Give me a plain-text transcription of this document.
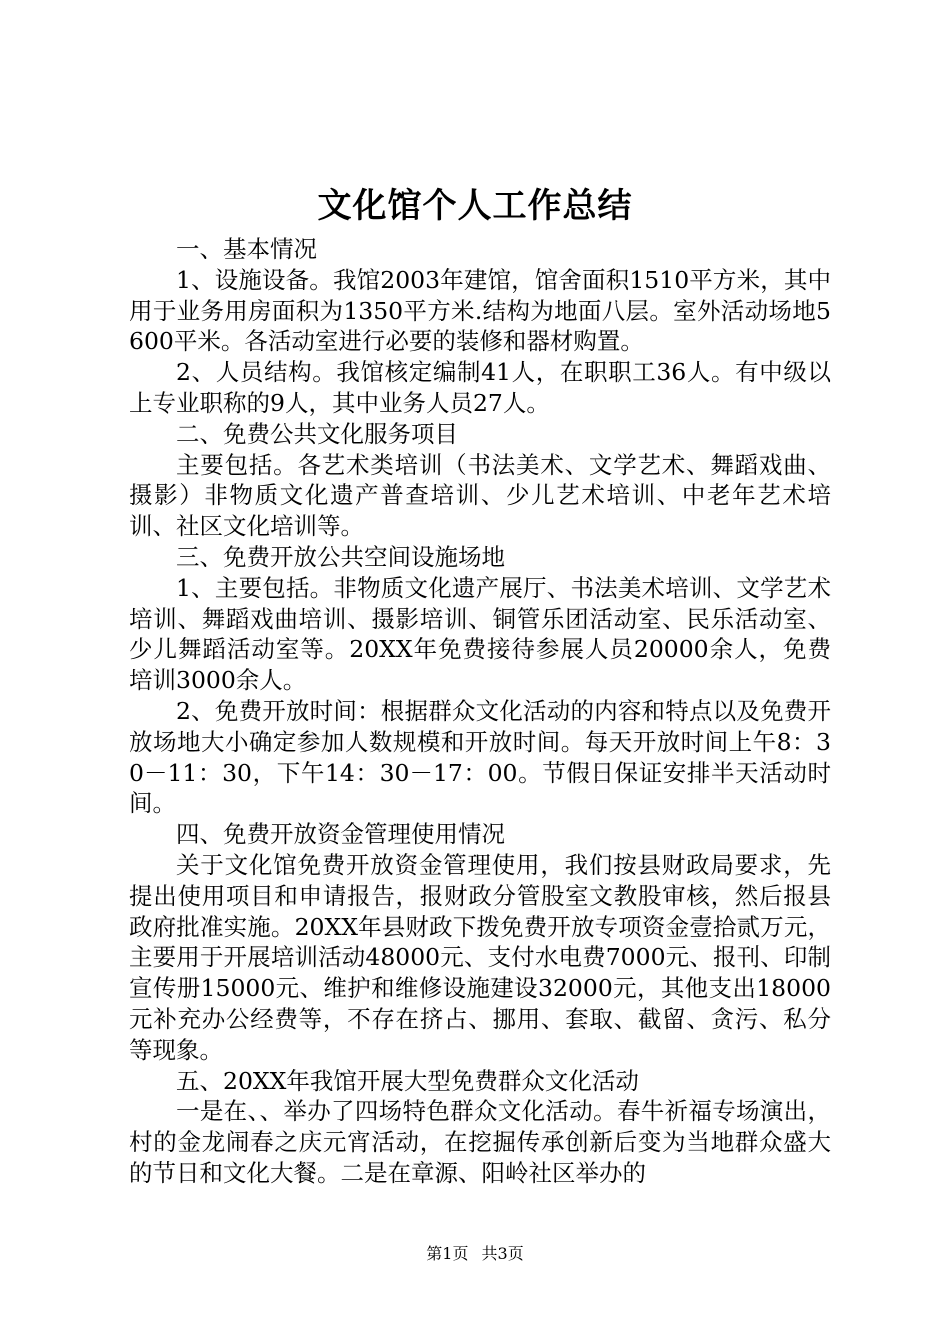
文化馆个人工作总结

一、基本情况

1、设施设备。我馆2003年建馆，馆舍面积1510平方米，其中用于业务用房面积为1350平方米.结构为地面八层。室外活动场地5600平米。各活动室进行必要的装修和器材购置。

2、人员结构。我馆核定编制41人，在职职工36人。有中级以上专业职称的9人，其中业务人员27人。

二、免费公共文化服务项目

主要包括。各艺术类培训（书法美术、文学艺术、舞蹈戏曲、摄影）非物质文化遗产普查培训、少儿艺术培训、中老年艺术培训、社区文化培训等。

三、免费开放公共空间设施场地

1、主要包括。非物质文化遗产展厅、书法美术培训、文学艺术培训、舞蹈戏曲培训、摄影培训、铜管乐团活动室、民乐活动室、少儿舞蹈活动室等。20XX年免费接待参展人员20000余人，免费培训3000余人。

2、免费开放时间：根据群众文化活动的内容和特点以及免费开放场地大小确定参加人数规模和开放时间。每天开放时间上午8：30－11：30，下午14：30－17：00。节假日保证安排半天活动时间。

四、免费开放资金管理使用情况

关于文化馆免费开放资金管理使用，我们按县财政局要求，先提出使用项目和申请报告，报财政分管股室文教股审核，然后报县政府批准实施。20XX年县财政下拨免费开放专项资金壹拾贰万元，主要用于开展培训活动48000元、支付水电费7000元、报刊、印制宣传册15000元、维护和维修设施建设32000元，其他支出18000元补充办公经费等，不存在挤占、挪用、套取、截留、贪污、私分等现象。

五、20XX年我馆开展大型免费群众文化活动

一是在、、举办了四场特色群众文化活动。春牛祈福专场演出，村的金龙闹春之庆元宵活动，在挖掘传承创新后变为当地群众盛大的节日和文化大餐。二是在章源、阳岭社区举办的

第1页 共3页
